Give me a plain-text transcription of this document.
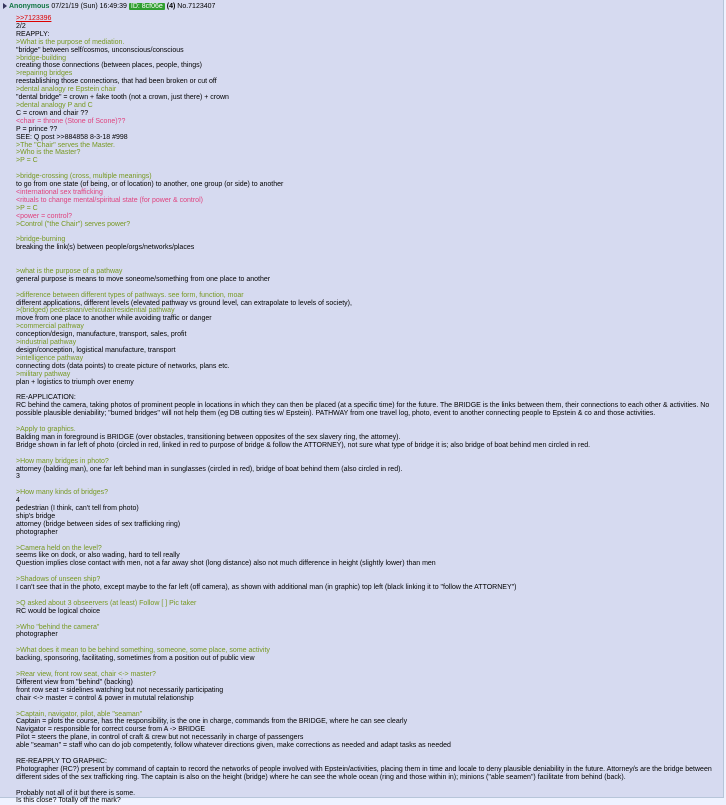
Anonymous 07/21/19 (Sun) 16:49:39 ID: 8cf06e (4) No.7123407
>>7123396
2/2
REAPPLY:
>What is the purpose of mediation.
"bridge" between self/cosmos, unconscious/conscious
>bridge-building
creating those connections (between places, people, things)
>repairing bridges
reestablishing those connections, that had been broken or cut off
>dental analogy re Epstein chair
"dental bridge" = crown + fake tooth (not a crown, just there) + crown
>dental analogy P and C
C = crown and chair ??
<chair = throne (Stone of Scone)??
P = prince ??
SEE: Q post >>884858 8-3-18 #998
>The "Chair" serves the Master.
>Who is the Master?
>P = C
>bridge-crossing (cross, multiple meanings)
to go from one state (of being, or of location) to another, one group (or side) to another
<international sex trafficking
<rituals to change mental/spiritual state (for power & control)
>P = C
<power = control?
>Control ("the Chair") serves power?
>bridge-burning
breaking the link(s) between people/orgs/networks/places
>what is the purpose of a pathway
general purpose is means to move soneome/something from one place to another
>difference between different types of pathways. see form, function, moar
different applications, different levels (elevated pathway vs ground level, can extrapolate to levels of society),
>(bridged) pedestrian/vehicular/residential pathway
move from one place to another while avoiding traffic or danger
>commercial pathway
conception/design, manufacture, transport, sales, profit
>industrial pathway
design/conception, logistical manufacture, transport
>intelligence pathway
connecting dots (data points) to create picture of networks, plans etc.
>military pathway
plan + logistics to triumph over enemy
RE-APPLICATION:
RC behind the camera, taking photos of prominent people in locations in which they can then be placed (at a specific time) for the future. The BRIDGE is the links between them, their connections to each other & activities. No
possible plausible deniability; "burned bridges" will not help them (eg DB cutting ties w/ Epstein). PATHWAY from one travel log, photo, event to another connecting people to Epstein & co and those activities.
>Apply to graphics.
Balding man in foreground is BRIDGE (over obstacles, transitioning between opposites of the sex slavery ring, the attorney).
Bridge shown in far left of photo (circled in red, linked in red to purpose of bridge & follow the ATTORNEY), not sure what type of bridge it is; also bridge of boat behind men circled in red.
>How many bridges in photo?
attorney (balding man), one far left behind man in sunglasses (circled in red), bridge of boat behind them (also circled in red).
3
>How many kinds of bridges?
4
pedestrian (I think, can't tell from photo)
ship's bridge
attorney (bridge between sides of sex trafficking ring)
photographer
>Camera held on the level?
seems like on dock, or also wading, hard to tell really
Question implies close contact with men, not a far away shot (long distance) also not much difference in height (slightly lower) than men
>Shadows of unseen ship?
I can't see that in the photo, except maybe to the far left (off camera), as shown with additional man (in graphic) top left (black linking it to "follow the ATTORNEY")
>Q asked about 3 obseervers (at least) Follow [ ] Pic taker
RC would be logical choice
>Who "behind the camera"
photographer
>What does it mean to be behind something, someone, some place, some activity
backing, sponsoring, facilitating, sometimes from a position out of public view
>Rear view, front row seat, chair <-> master?
Different view from "behind" (backing)
front row seat = sidelines watching but not necessarily participating
chair <-> master = control & power in mututal relationship
>Captain, navigator, pilot, able "seaman"
Captain = plots the course, has the responsibility, is the one in charge, commands from the BRIDGE, where he can see clearly
Navigator = responsible for correct course from A -> BRIDGE
Pilot = steers the plane, in control of craft & crew but not necessarily in charge of passengers
able "seaman" = staff who can do job competently, follow whatever directions given, make corrections as needed and adapt tasks as needed
RE-REAPPLY TO GRAPHIC:
Photographer (RC?) present by command of captain to record the networks of people involved with Epstein/activities, placing them in time and locale to deny plausible deniability in the future. Attorney/s are the bridge between
different sides of the sex trafficking ring. The captain is also on the height (bridge) where he can see the whole ocean (ring and those within in); minions ("able seamen") facilitate from behind (back).
Probably not all of it but there is some.
Is this close? Totally off the mark?
